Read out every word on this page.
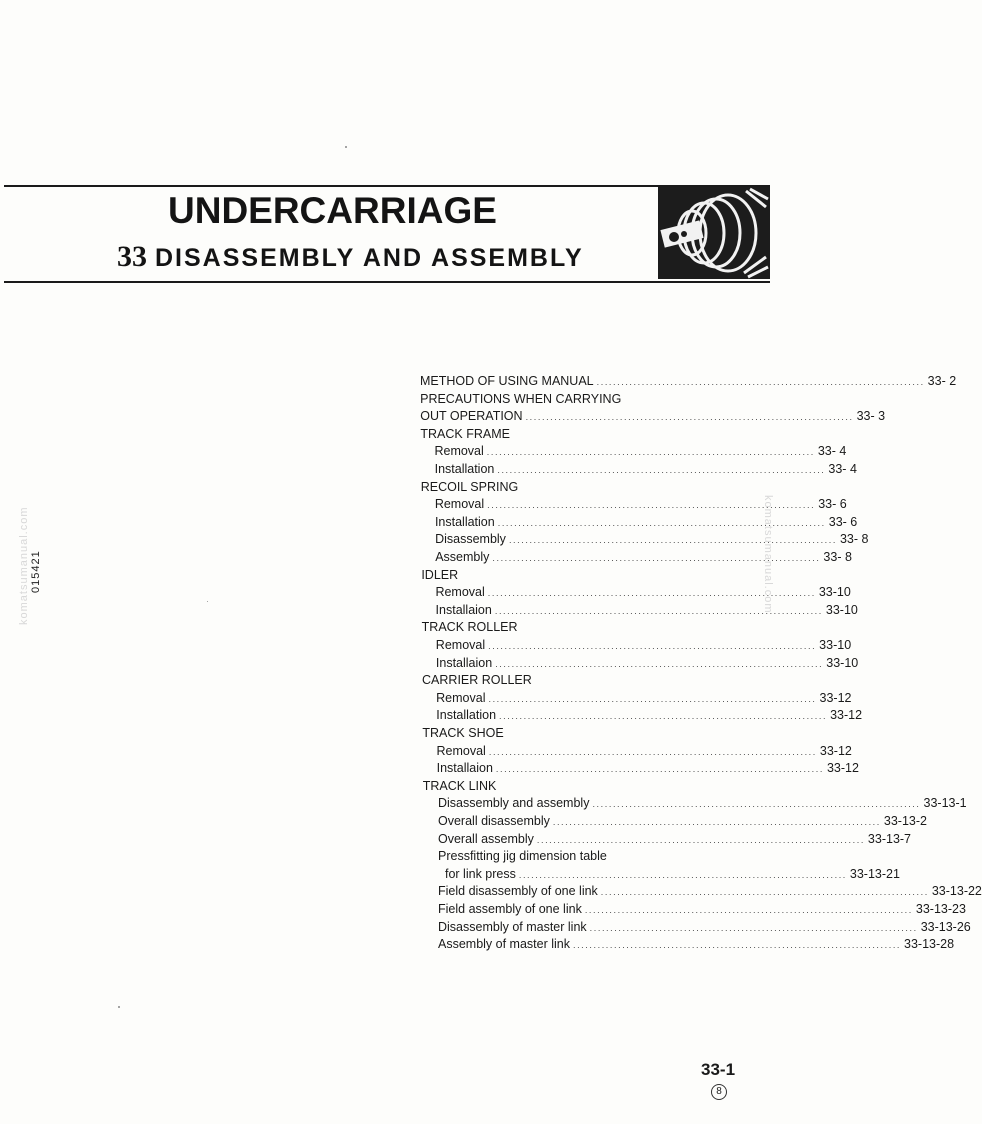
UNDERCARRIAGE
33 DISASSEMBLY AND ASSEMBLY
komatsumanual.com	komatsumanual.com
015421
METHOD OF USING MANUAL ................................................................................ 33- 2
PRECAUTIONS WHEN CARRYING
OUT OPERATION ................................................................................ 33- 3
TRACK FRAME
Removal ................................................................................ 33- 4
Installation ................................................................................ 33- 4
RECOIL SPRING
Removal ................................................................................ 33- 6
Installation ................................................................................ 33- 6
Disassembly ................................................................................ 33- 8
Assembly ................................................................................ 33- 8
IDLER
Removal ................................................................................ 33-10
Installaion ................................................................................ 33-10
TRACK ROLLER
Removal ................................................................................ 33-10
Installaion ................................................................................ 33-10
CARRIER ROLLER
Removal ................................................................................ 33-12
Installation ................................................................................ 33-12
TRACK SHOE
Removal ................................................................................ 33-12
Installaion ................................................................................ 33-12
TRACK LINK
Disassembly and assembly ................................................................................ 33-13-1
Overall disassembly ................................................................................ 33-13-2
Overall assembly ................................................................................ 33-13-7
Pressfitting jig dimension table
for link press ................................................................................ 33-13-21
Field disassembly of one link ................................................................................ 33-13-22
Field assembly of one link ................................................................................ 33-13-23
Disassembly of master link ................................................................................ 33-13-26
Assembly of master link ................................................................................ 33-13-28
33-1
8
